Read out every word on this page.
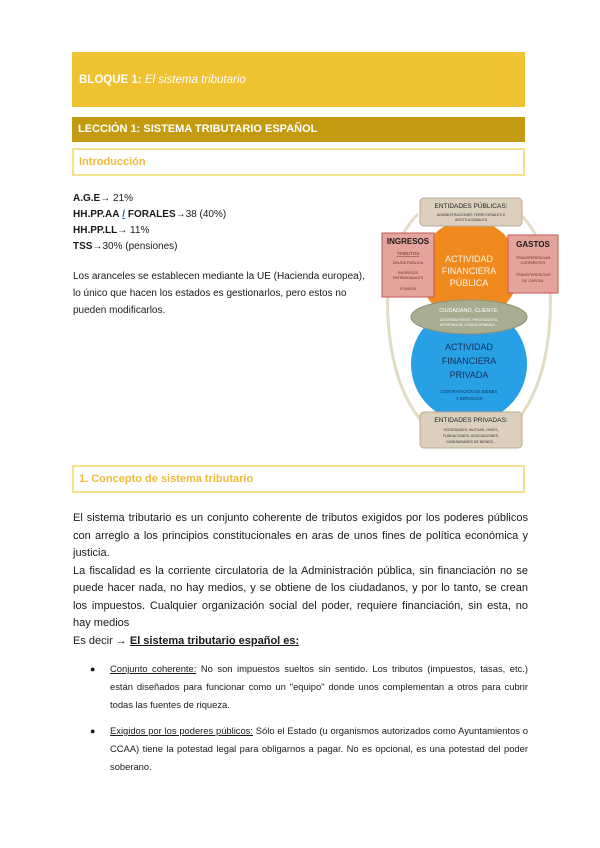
BLOQUE 1: El sistema tributario
LECCIÓN 1: SISTEMA TRIBUTARIO ESPAÑOL
Introducción
A.G.E→ 21%
HH.PP.AA / FORALES→38 (40%)
HH.PP.LL→ 11%
TSS→30% (pensiones)
Los aranceles se establecen mediante la UE (Hacienda europea), lo único que hacen los estados es gestionarlos, pero estos no pueden modificarlos.
ENTIDADES PÚBLICAS:
ADMINISTRACIONES TERRITORIALES E
INSTITUCIONALES
INGRESOS
TRIBUTOS
DEUDA PÚBLICA
INGRESOS
PATRIMONIALES
FONDOS
GASTOS
TRANSFERENCIAS
CORRIENTES
TRANSFERENCIAS
DE CAPITAL
ACTIVIDAD
FINANCIERA
PÚBLICA
CIUDADANO, CLIENTE:
CONTRIBUYENTE, PRESTAMISTA,
APORTADOR, CONCESIONARIO...
ACTIVIDAD
FINANCIERA
PRIVADA
CONTRATACIÓN DE BIENES
Y SERVICIOS
ENTIDADES PRIVADAS:
SOCIEDADES, MUTUAS, ONG'S,
FUNDACIONES, ASOCIACIONES,
COMUNIDADES DE BIENES...
1. Concepto de sistema tributario

El sistema tributario es un conjunto coherente de tributos exigidos por los poderes públicos con arreglo a los principios constitucionales en aras de unos fines de política económica y justicia.

La fiscalidad es la corriente circulatoria de la Administración pública, sin financiación no se puede hacer nada, no hay medios, y se obtiene de los ciudadanos, y por lo tanto, se crean los impuestos. Cualquier organización social del poder, requiere financiación, sin esta, no hay medios

Es decir → El sistema tributario español es:

● Conjunto coherente: No son impuestos sueltos sin sentido. Los tributos (impuestos, tasas, etc.) están diseñados para funcionar como un "equipo" donde unos complementan a otros para cubrir todas las fuentes de riqueza.
● Exigidos por los poderes públicos: Sólo el Estado (u organismos autorizados como Ayuntamientos o CCAA) tiene la potestad legal para obligarnos a pagar. No es opcional, es una potestad del poder soberano.
